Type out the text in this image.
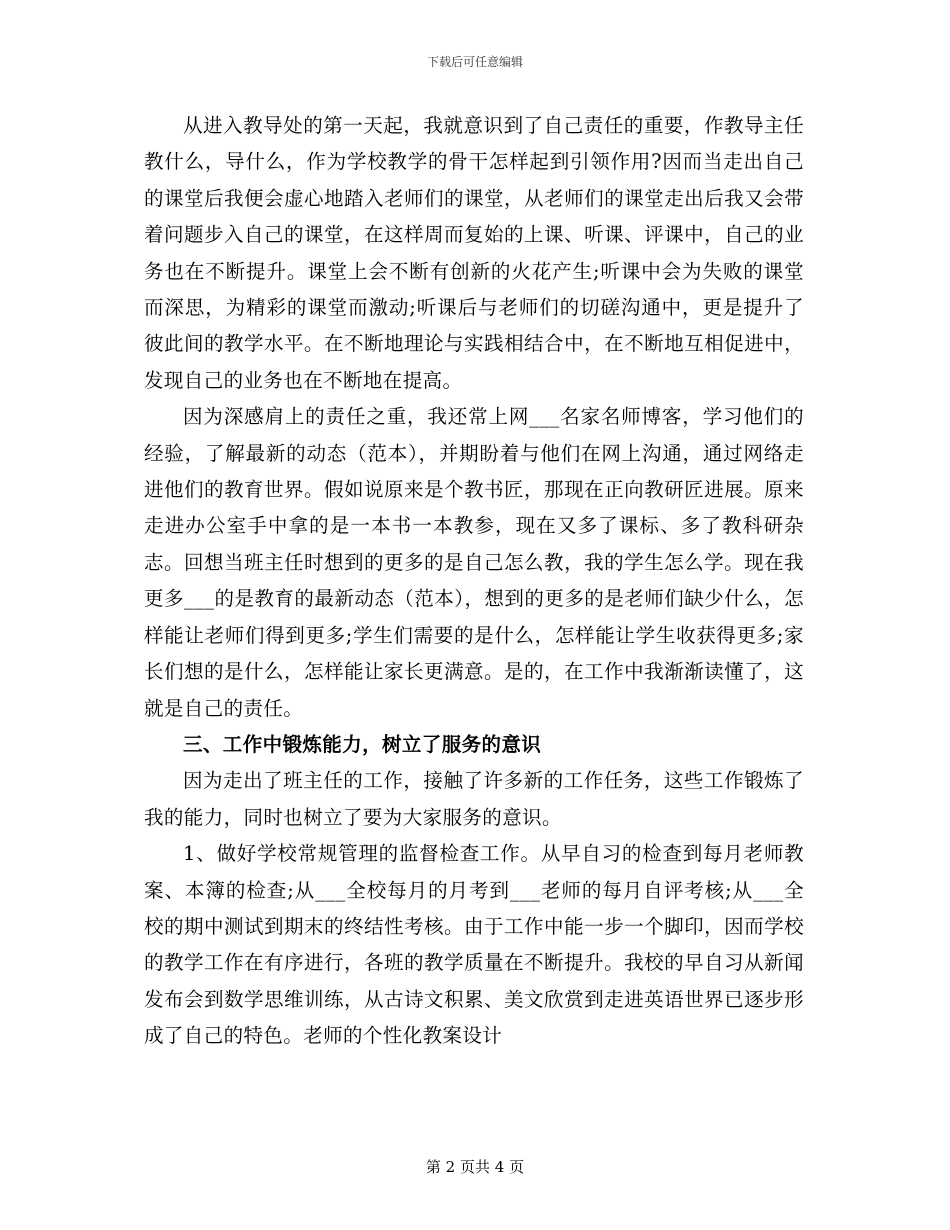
下载后可任意编辑

从进入教导处的第一天起，我就意识到了自己责任的重要，作教导主任教什么，导什么，作为学校教学的骨干怎样起到引领作用?因而当走出自己的课堂后我便会虚心地踏入老师们的课堂，从老师们的课堂走出后我又会带着问题步入自己的课堂，在这样周而复始的上课、听课、评课中，自己的业务也在不断提升。课堂上会不断有创新的火花产生;听课中会为失败的课堂而深思，为精彩的课堂而激动;听课后与老师们的切磋沟通中，更是提升了彼此间的教学水平。在不断地理论与实践相结合中，在不断地互相促进中，发现自己的业务也在不断地在提高。

因为深感肩上的责任之重，我还常上网___名家名师博客，学习他们的经验，了解最新的动态（范本），并期盼着与他们在网上沟通，通过网络走进他们的教育世界。假如说原来是个教书匠，那现在正向教研匠进展。原来走进办公室手中拿的是一本书一本教参，现在又多了课标、多了教科研杂志。回想当班主任时想到的更多的是自己怎么教，我的学生怎么学。现在我更多___的是教育的最新动态（范本），想到的更多的是老师们缺少什么，怎样能让老师们得到更多;学生们需要的是什么，怎样能让学生收获得更多;家长们想的是什么，怎样能让家长更满意。是的，在工作中我渐渐读懂了，这就是自己的责任。

三、工作中锻炼能力，树立了服务的意识

因为走出了班主任的工作，接触了许多新的工作任务，这些工作锻炼了我的能力，同时也树立了要为大家服务的意识。

1、做好学校常规管理的监督检查工作。从早自习的检查到每月老师教案、本簿的检查;从___全校每月的月考到___老师的每月自评考核;从___全校的期中测试到期末的终结性考核。由于工作中能一步一个脚印，因而学校的教学工作在有序进行，各班的教学质量在不断提升。我校的早自习从新闻发布会到数学思维训练，从古诗文积累、美文欣赏到走进英语世界已逐步形成了自己的特色。老师的个性化教案设计

第 2 页共 4 页
